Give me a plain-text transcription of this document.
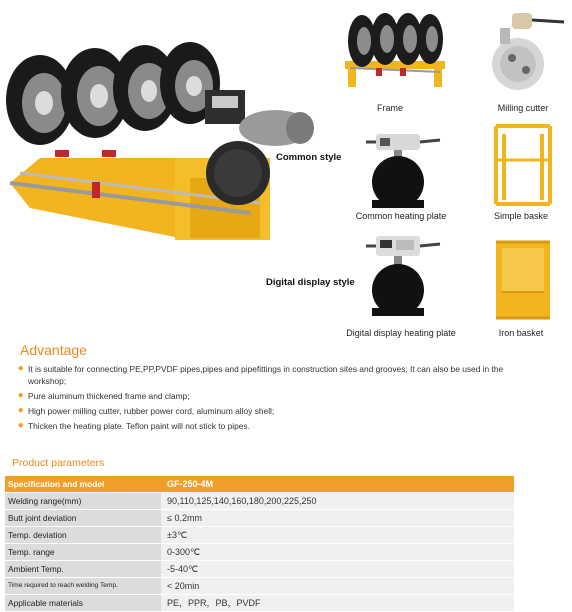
Common style
Digital display style
Frame	Milling cutter
Common heating plate	Simple baske
Digital display heating plate	Iron basket
Advantage
◆ It is suitable for connecting PE,PP,PVDF pipes,pipes and pipefittings in construction sites and grooves; It can also be used in the workshop;
◆ Pure aluminum thickened frame and clamp;
◆ High power milling cutter, rubber power cord, aluminum alloy shell;
◆ Thicken the heating plate. Teflon paint will not stick to pipes.
Product parameters
Specification and model	GF-250-4M
Welding range(mm)	90,110,125,140,160,180,200,225,250
Butt joint deviation	≤ 0.2mm
Temp. deviation	±3℃
Temp. range	0-300℃
Ambient Temp.	-5-40℃
Time required to reach welding Temp.	< 20min
Applicable materials	PE，PPR，PB，PVDF
